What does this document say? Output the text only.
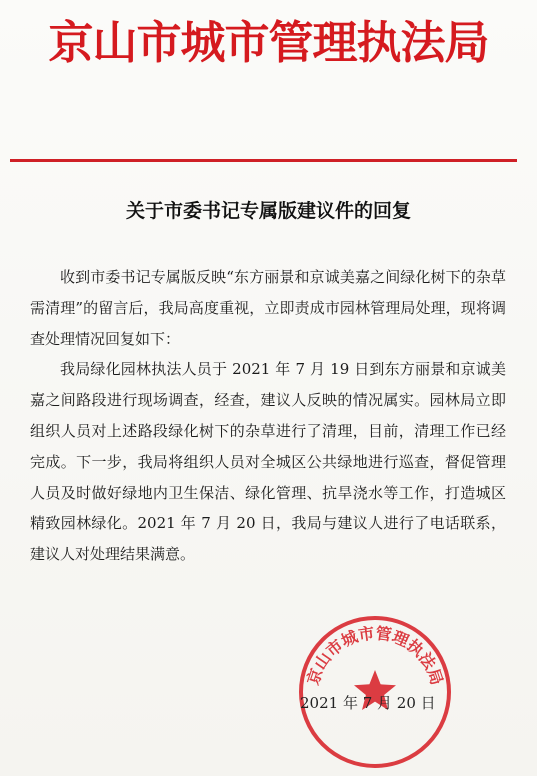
京山市城市管理执法局
关于市委书记专属版建议件的回复

收到市委书记专属版反映“东方丽景和京诚美嘉之间绿化树下的杂草需清理”的留言后，我局高度重视，立即责成市园林管理局处理，现将调查处理情况回复如下：

我局绿化园林执法人员于 2021 年 7 月 19 日到东方丽景和京诚美嘉之间路段进行现场调查，经查，建议人反映的情况属实。园林局立即组织人员对上述路段绿化树下的杂草进行了清理，目前，清理工作已经完成。下一步，我局将组织人员对全城区公共绿地进行巡查，督促管理人员及时做好绿地内卫生保洁、绿化管理、抗旱浇水等工作，打造城区精致园林绿化。2021 年 7 月 20 日，我局与建议人进行了电话联系，建议人对处理结果满意。

京山市城市管理执法局
2021 年 7 月 20 日
